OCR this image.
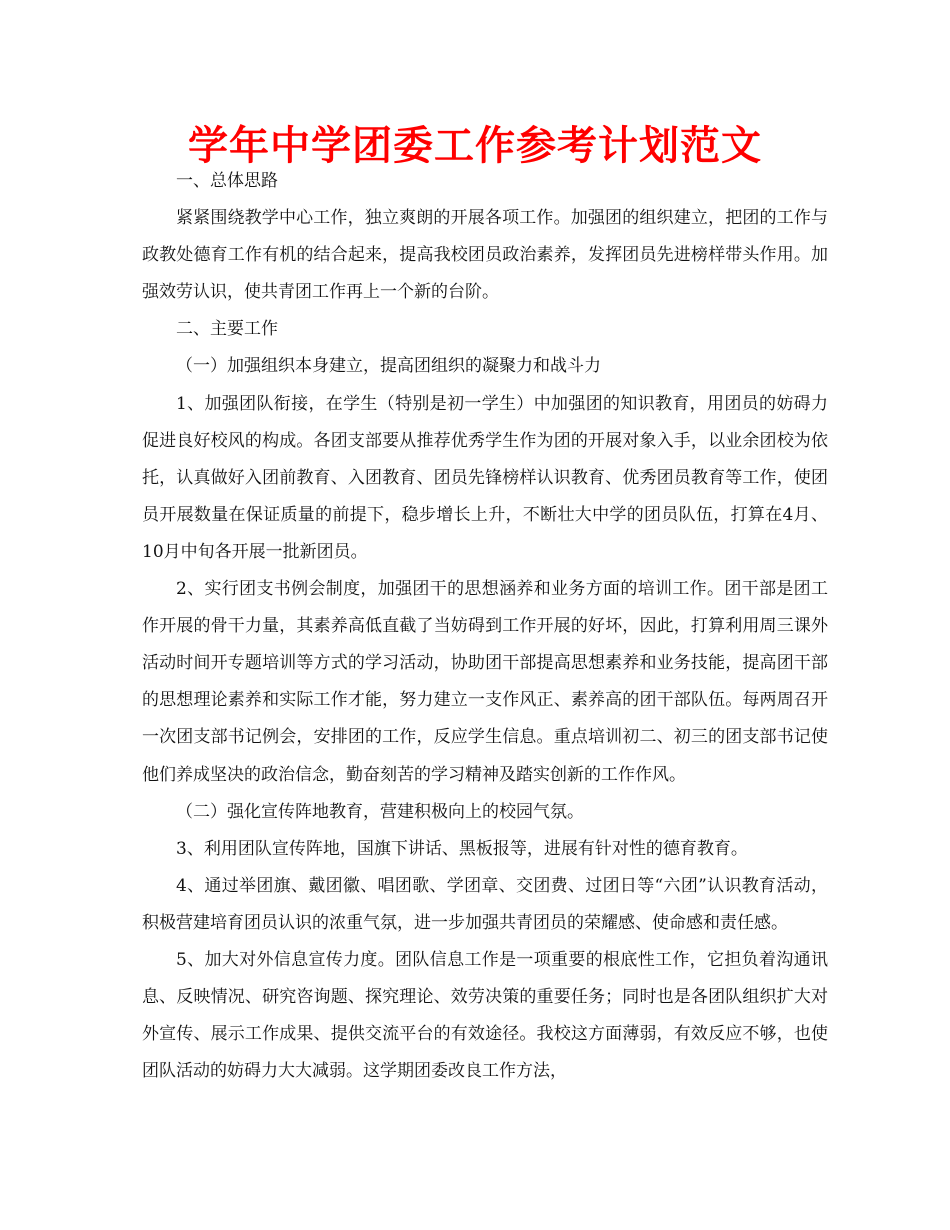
学年中学团委工作参考计划范文

一、总体思路

紧紧围绕教学中心工作，独立爽朗的开展各项工作。加强团的组织建立，把团的工作与政教处德育工作有机的结合起来，提高我校团员政治素养，发挥团员先进榜样带头作用。加强效劳认识，使共青团工作再上一个新的台阶。

二、主要工作

（一）加强组织本身建立，提高团组织的凝聚力和战斗力

1、加强团队衔接，在学生（特别是初一学生）中加强团的知识教育，用团员的妨碍力促进良好校风的构成。各团支部要从推荐优秀学生作为团的开展对象入手，以业余团校为依托，认真做好入团前教育、入团教育、团员先锋榜样认识教育、优秀团员教育等工作，使团员开展数量在保证质量的前提下，稳步增长上升，不断壮大中学的团员队伍，打算在4月、10月中旬各开展一批新团员。

2、实行团支书例会制度，加强团干的思想涵养和业务方面的培训工作。团干部是团工作开展的骨干力量，其素养高低直截了当妨碍到工作开展的好坏，因此，打算利用周三课外活动时间开专题培训等方式的学习活动，协助团干部提高思想素养和业务技能，提高团干部的思想理论素养和实际工作才能，努力建立一支作风正、素养高的团干部队伍。每两周召开一次团支部书记例会，安排团的工作，反应学生信息。重点培训初二、初三的团支部书记使他们养成坚决的政治信念，勤奋刻苦的学习精神及踏实创新的工作作风。

（二）强化宣传阵地教育，营建积极向上的校园气氛。

3、利用团队宣传阵地，国旗下讲话、黑板报等，进展有针对性的德育教育。

4、通过举团旗、戴团徽、唱团歌、学团章、交团费、过团日等“六团”认识教育活动，积极营建培育团员认识的浓重气氛，进一步加强共青团员的荣耀感、使命感和责任感。

5、加大对外信息宣传力度。团队信息工作是一项重要的根底性工作，它担负着沟通讯息、反映情况、研究咨询题、探究理论、效劳决策的重要任务；同时也是各团队组织扩大对外宣传、展示工作成果、提供交流平台的有效途径。我校这方面薄弱，有效反应不够，也使团队活动的妨碍力大大减弱。这学期团委改良工作方法，
